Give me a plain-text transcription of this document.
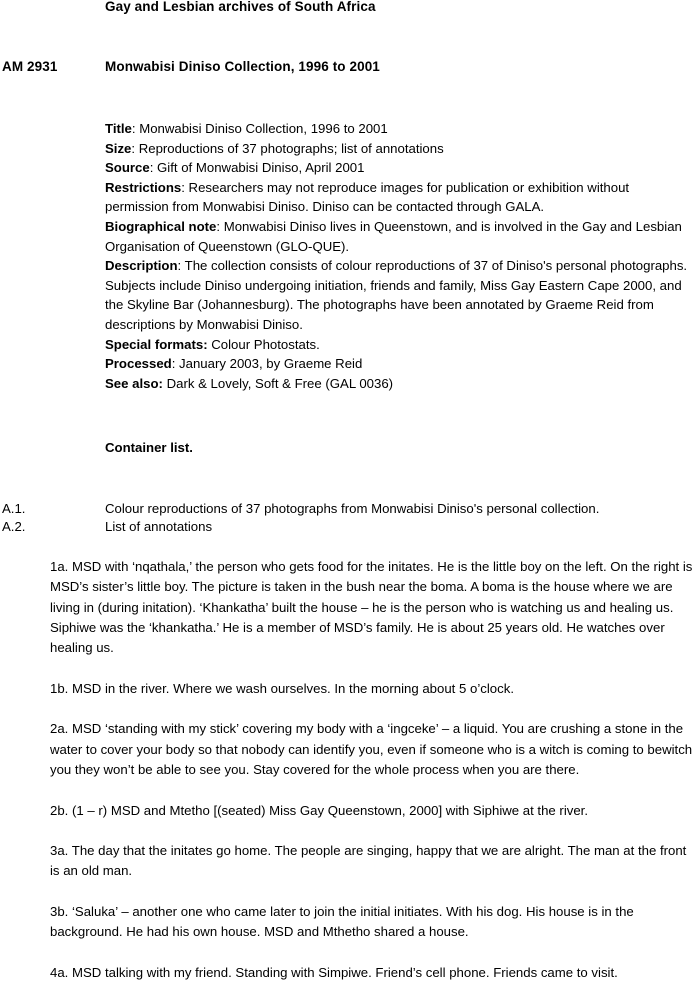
Gay and Lesbian archives of South Africa
AM 2931	Monwabisi Diniso Collection, 1996 to 2001

Title: Monwabisi Diniso Collection, 1996 to 2001

Size: Reproductions of 37 photographs; list of annotations

Source: Gift of Monwabisi Diniso, April 2001

Restrictions: Researchers may not reproduce images for publication or exhibition without permission from Monwabisi Diniso. Diniso can be contacted through GALA.

Biographical note: Monwabisi Diniso lives in Queenstown, and is involved in the Gay and Lesbian Organisation of Queenstown (GLO-QUE).

Description: The collection consists of colour reproductions of 37 of Diniso's personal photographs. Subjects include Diniso undergoing initiation, friends and family, Miss Gay Eastern Cape 2000, and the Skyline Bar (Johannesburg). The photographs have been annotated by Graeme Reid from descriptions by Monwabisi Diniso.

Special formats: Colour Photostats.

Processed: January 2003, by Graeme Reid

See also: Dark & Lovely, Soft & Free (GAL 0036)

Container list.
A.1.	Colour reproductions of 37 photographs from Monwabisi Diniso's personal collection.
A.2.	List of annotations

1a. MSD with ‘nqathala,’ the person who gets food for the initates. He is the little boy on the left. On the right is MSD’s sister’s little boy. The picture is taken in the bush near the boma. A boma is the house where we are living in (during initation). ‘Khankatha’ built the house – he is the person who is watching us and healing us. Siphiwe was the ‘khankatha.’ He is a member of MSD’s family. He is about 25 years old. He watches over healing us.

1b. MSD in the river. Where we wash ourselves. In the morning about 5 o’clock.

2a. MSD ‘standing with my stick’ covering my body with a ‘ingceke’ – a liquid. You are crushing a stone in the water to cover your body so that nobody can identify you, even if someone who is a witch is coming to bewitch you they won’t be able to see you. Stay covered for the whole process when you are there.

2b. (1 – r) MSD and Mtetho [(seated) Miss Gay Queenstown, 2000] with Siphiwe at the river.

3a. The day that the initates go home. The people are singing, happy that we are alright. The man at the front is an old man.

3b. ‘Saluka’ – another one who came later to join the initial initiates. With his dog. His house is in the background. He had his own house. MSD and Mthetho shared a house.

4a. MSD talking with my friend. Standing with Simpiwe. Friend’s cell phone. Friends came to visit.
